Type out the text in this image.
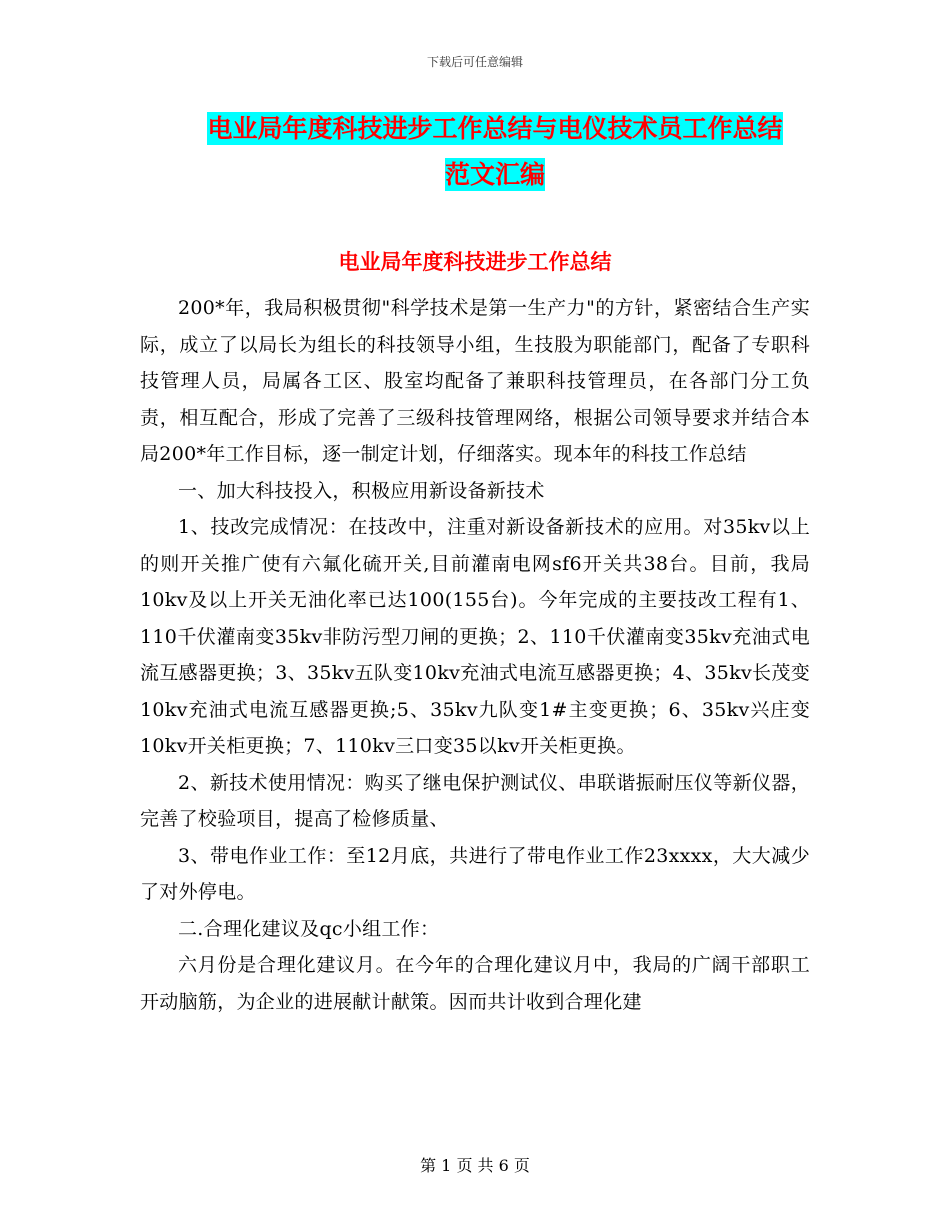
下载后可任意编辑
电业局年度科技进步工作总结与电仪技术员工作总结
范文汇编
电业局年度科技进步工作总结

200*年，我局积极贯彻"科学技术是第一生产力"的方针，紧密结合生产实际，成立了以局长为组长的科技领导小组，生技股为职能部门，配备了专职科技管理人员，局属各工区、股室均配备了兼职科技管理员，在各部门分工负责，相互配合，形成了完善了三级科技管理网络，根据公司领导要求并结合本局200*年工作目标，逐一制定计划，仔细落实。现本年的科技工作总结

一、加大科技投入，积极应用新设备新技术

1、技改完成情况：在技改中，注重对新设备新技术的应用。对35kv以上的则开关推广使有六氟化硫开关,目前灌南电网sf6开关共38台。目前，我局10kv及以上开关无油化率已达100(155台)。今年完成的主要技改工程有1、110千伏灌南变35kv非防污型刀闸的更换；2、110千伏灌南变35kv充油式电流互感器更换；3、35kv五队变10kv充油式电流互感器更换；4、35kv长茂变10kv充油式电流互感器更换;5、35kv九队变1#主变更换；6、35kv兴庄变10kv开关柜更换；7、110kv三口变35以kv开关柜更换。

2、新技术使用情况：购买了继电保护测试仪、串联谐振耐压仪等新仪器，完善了校验项目，提高了检修质量、

3、带电作业工作：至12月底，共进行了带电作业工作23xxxx，大大减少了对外停电。

二.合理化建议及qc小组工作：

六月份是合理化建议月。在今年的合理化建议月中，我局的广阔干部职工开动脑筋，为企业的进展献计献策。因而共计收到合理化建

第 1 页 共 6 页
